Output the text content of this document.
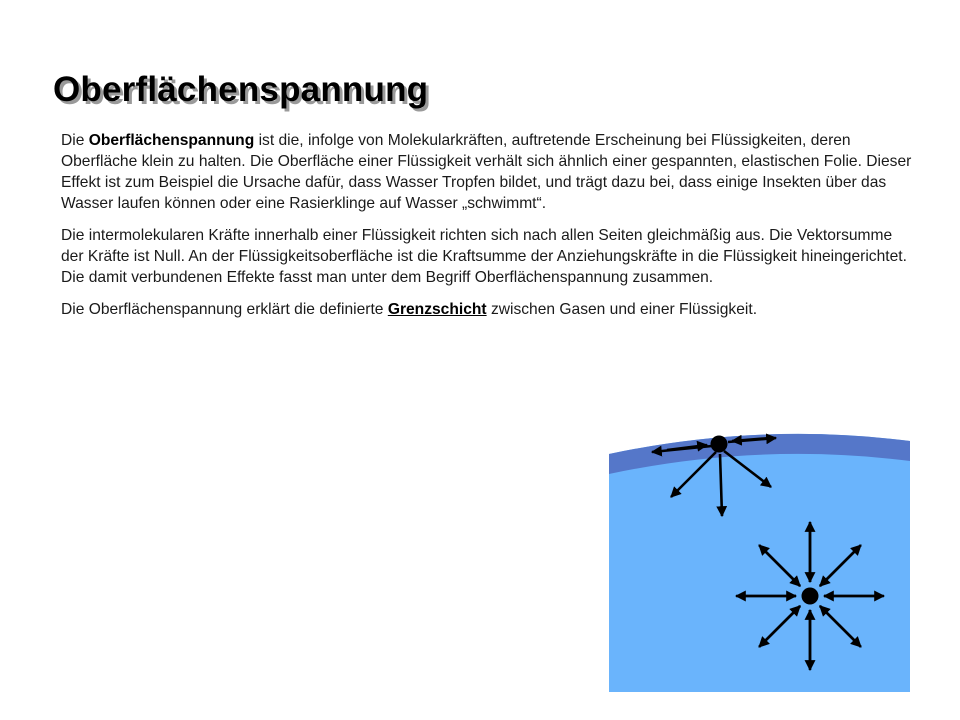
Oberflächenspannung

Die Oberflächenspannung ist die, infolge von Molekularkräften, auftretende Erscheinung bei Flüssigkeiten, deren Oberfläche klein zu halten. Die Oberfläche einer Flüssigkeit verhält sich ähnlich einer gespannten, elastischen Folie. Dieser Effekt ist zum Beispiel die Ursache dafür, dass Wasser Tropfen bildet, und trägt dazu bei, dass einige Insekten über das Wasser laufen können oder eine Rasierklinge auf Wasser „schwimmt“.

Die intermolekularen Kräfte innerhalb einer Flüssigkeit richten sich nach allen Seiten gleichmäßig aus. Die Vektorsumme der Kräfte ist Null. An der Flüssigkeitsoberfläche ist die Kraftsumme der Anziehungskräfte in die Flüssigkeit hineingerichtet. Die damit verbundenen Effekte fasst man unter dem Begriff Oberflächenspannung zusammen.

Die Oberflächenspannung erklärt die definierte Grenzschicht zwischen Gasen und einer Flüssigkeit.
